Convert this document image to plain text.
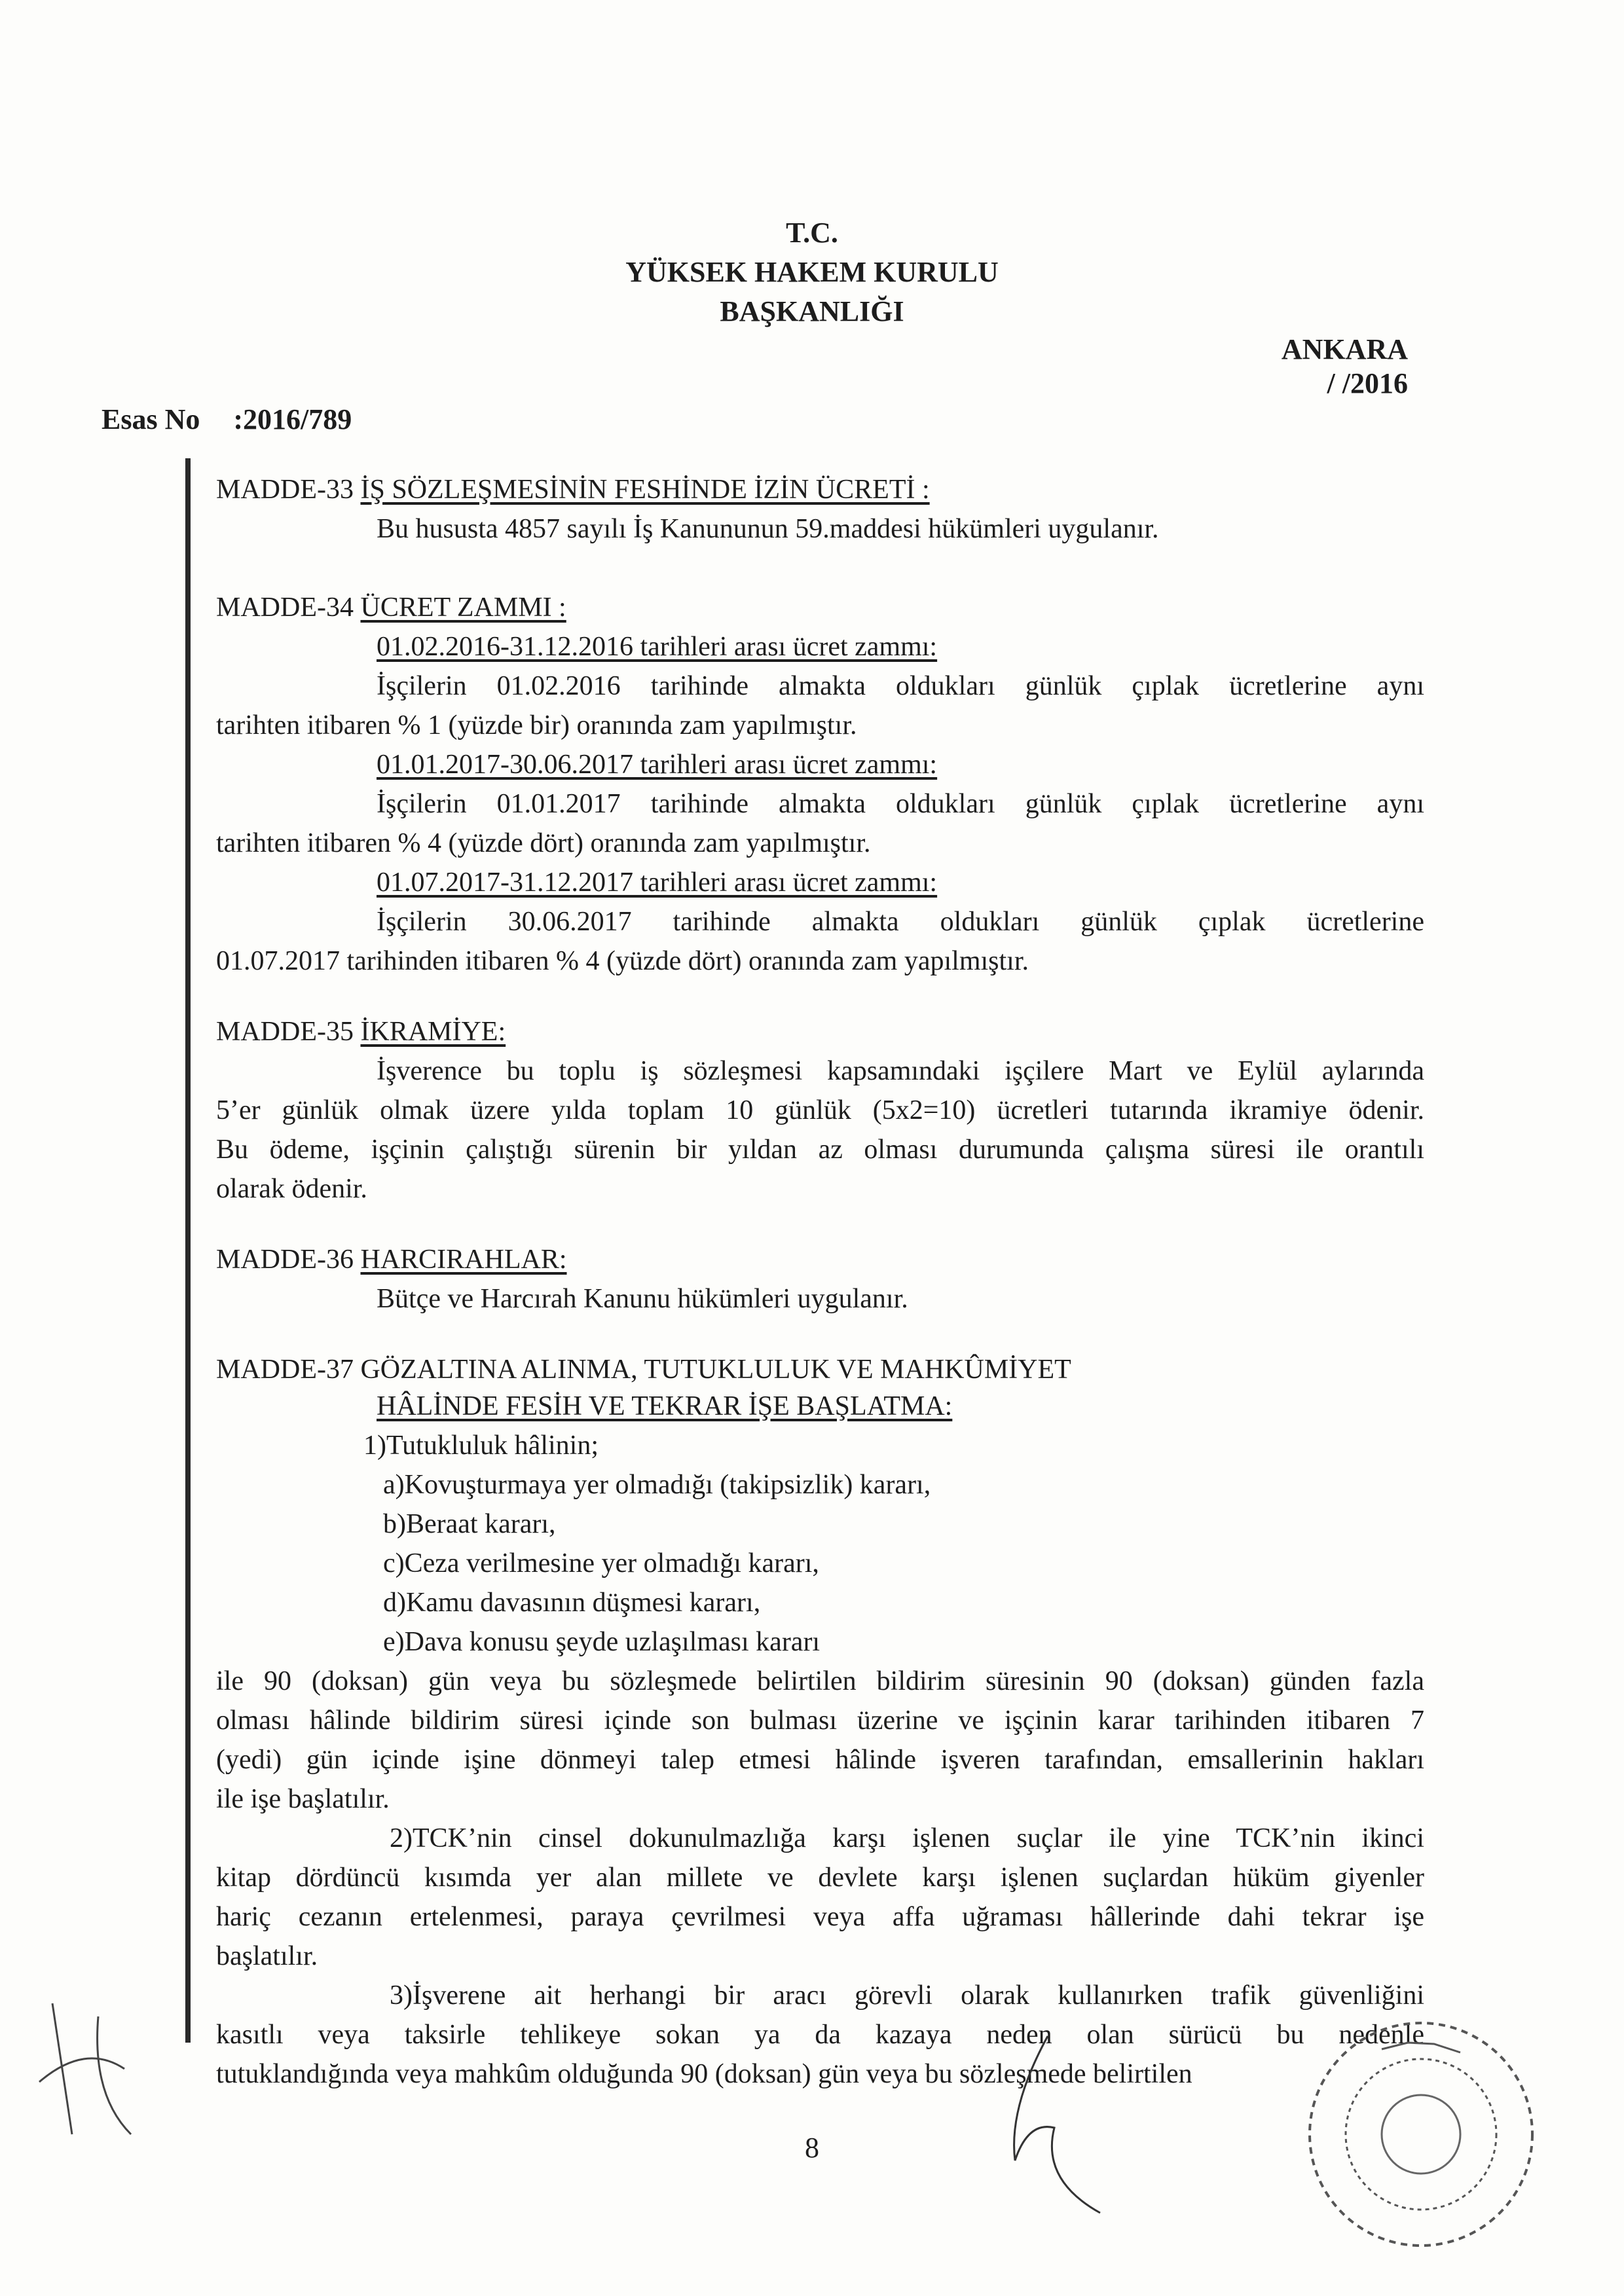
T.C.
YÜKSEK HAKEM KURULU
BAŞKANLIĞI
ANKARA
/ /2016
Esas No :2016/789
MADDE-33 İŞ SÖZLEŞMESİNİN FESHİNDE İZİN ÜCRETİ :
Bu hususta 4857 sayılı İş Kanununun 59.maddesi hükümleri uygulanır.
MADDE-34 ÜCRET ZAMMI :
01.02.2016-31.12.2016 tarihleri arası ücret zammı:
İşçilerin 01.02.2016 tarihinde almakta oldukları günlük çıplak ücretlerine aynı
tarihten itibaren % 1 (yüzde bir) oranında zam yapılmıştır.
01.01.2017-30.06.2017 tarihleri arası ücret zammı:
İşçilerin 01.01.2017 tarihinde almakta oldukları günlük çıplak ücretlerine aynı
tarihten itibaren % 4 (yüzde dört) oranında zam yapılmıştır.
01.07.2017-31.12.2017 tarihleri arası ücret zammı:
İşçilerin 30.06.2017 tarihinde almakta oldukları günlük çıplak ücretlerine
01.07.2017 tarihinden itibaren % 4 (yüzde dört) oranında zam yapılmıştır.
MADDE-35 İKRAMİYE:
İşverence bu toplu iş sözleşmesi kapsamındaki işçilere Mart ve Eylül aylarında
5’er günlük olmak üzere yılda toplam 10 günlük (5x2=10) ücretleri tutarında ikramiye ödenir.
Bu ödeme, işçinin çalıştığı sürenin bir yıldan az olması durumunda çalışma süresi ile orantılı
olarak ödenir.
MADDE-36 HARCIRAHLAR:
Bütçe ve Harcırah Kanunu hükümleri uygulanır.
MADDE-37 GÖZALTINA ALINMA, TUTUKLULUK VE MAHKÛMİYET
HÂLİNDE FESİH VE TEKRAR İŞE BAŞLATMA:
1)Tutukluluk hâlinin;
a)Kovuşturmaya yer olmadığı (takipsizlik) kararı,
b)Beraat kararı,
c)Ceza verilmesine yer olmadığı kararı,
d)Kamu davasının düşmesi kararı,
e)Dava konusu şeyde uzlaşılması kararı
ile 90 (doksan) gün veya bu sözleşmede belirtilen bildirim süresinin 90 (doksan) günden fazla
olması hâlinde bildirim süresi içinde son bulması üzerine ve işçinin karar tarihinden itibaren 7
(yedi) gün içinde işine dönmeyi talep etmesi hâlinde işveren tarafından, emsallerinin hakları
ile işe başlatılır.
2)TCK’nin cinsel dokunulmazlığa karşı işlenen suçlar ile yine TCK’nin ikinci
kitap dördüncü kısımda yer alan millete ve devlete karşı işlenen suçlardan hüküm giyenler
hariç cezanın ertelenmesi, paraya çevrilmesi veya affa uğraması hâllerinde dahi tekrar işe
başlatılır.
3)İşverene ait herhangi bir aracı görevli olarak kullanırken trafik güvenliğini
kasıtlı veya taksirle tehlikeye sokan ya da kazaya neden olan sürücü bu nedenle
tutuklandığında veya mahkûm olduğunda 90 (doksan) gün veya bu sözleşmede belirtilen
8
